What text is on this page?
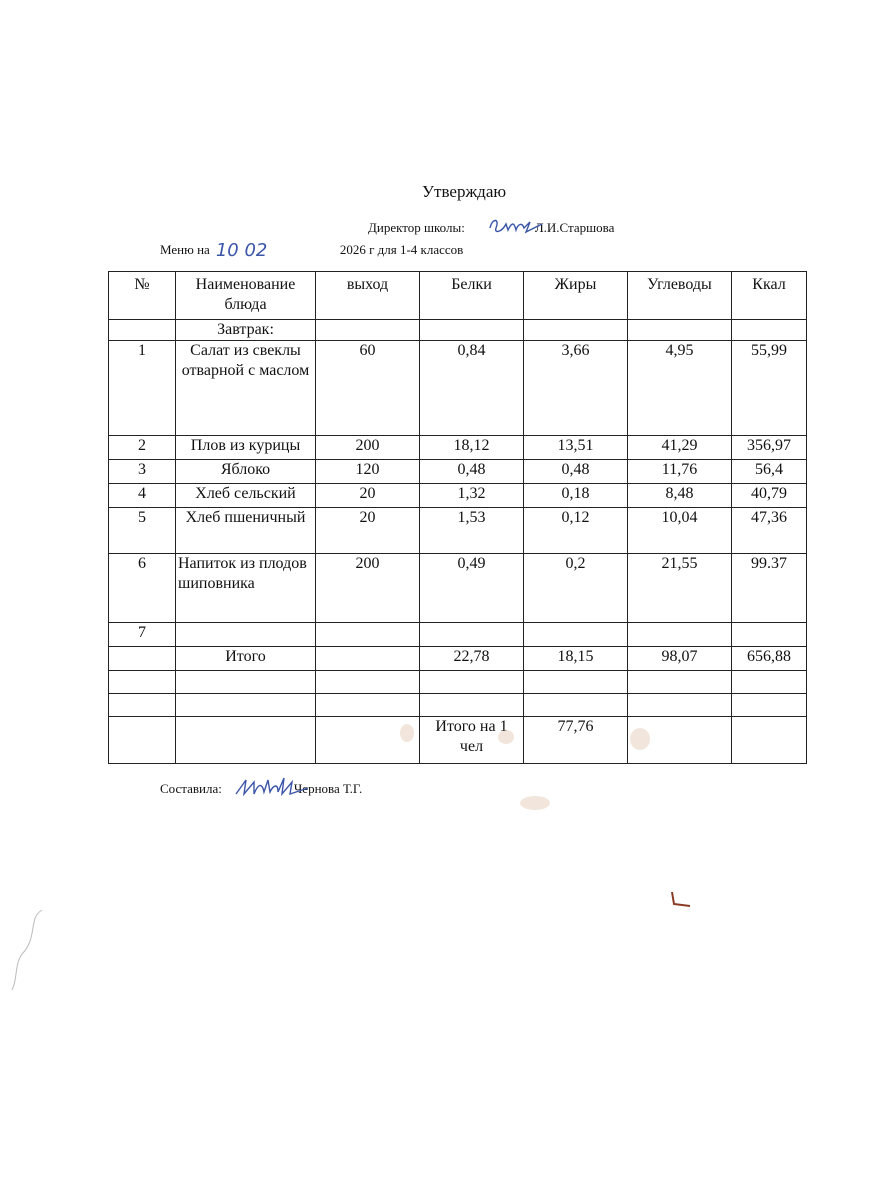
Утверждаю
Директор школы:	Л.И.Старшова
Меню на 10 02	2026 г для 1-4 классов
№	Наименование блюда	выход	Белки	Жиры	Углеводы	Ккал
	Завтрак:					
1	Салат из свеклы отварной с маслом	60	0,84	3,66	4,95	55,99
2	Плов из курицы	200	18,12	13,51	41,29	356,97
3	Яблоко	120	0,48	0,48	11,76	56,4
4	Хлеб сельский	20	1,32	0,18	8,48	40,79
5	Хлеб пшеничный	20	1,53	0,12	10,04	47,36
6	Напиток из плодов шиповника	200	0,49	0,2	21,55	99.37
7						
	Итого		22,78	18,15	98,07	656,88

			Итого на 1 чел	77,76		
Составила:	Чернова Т.Г.
